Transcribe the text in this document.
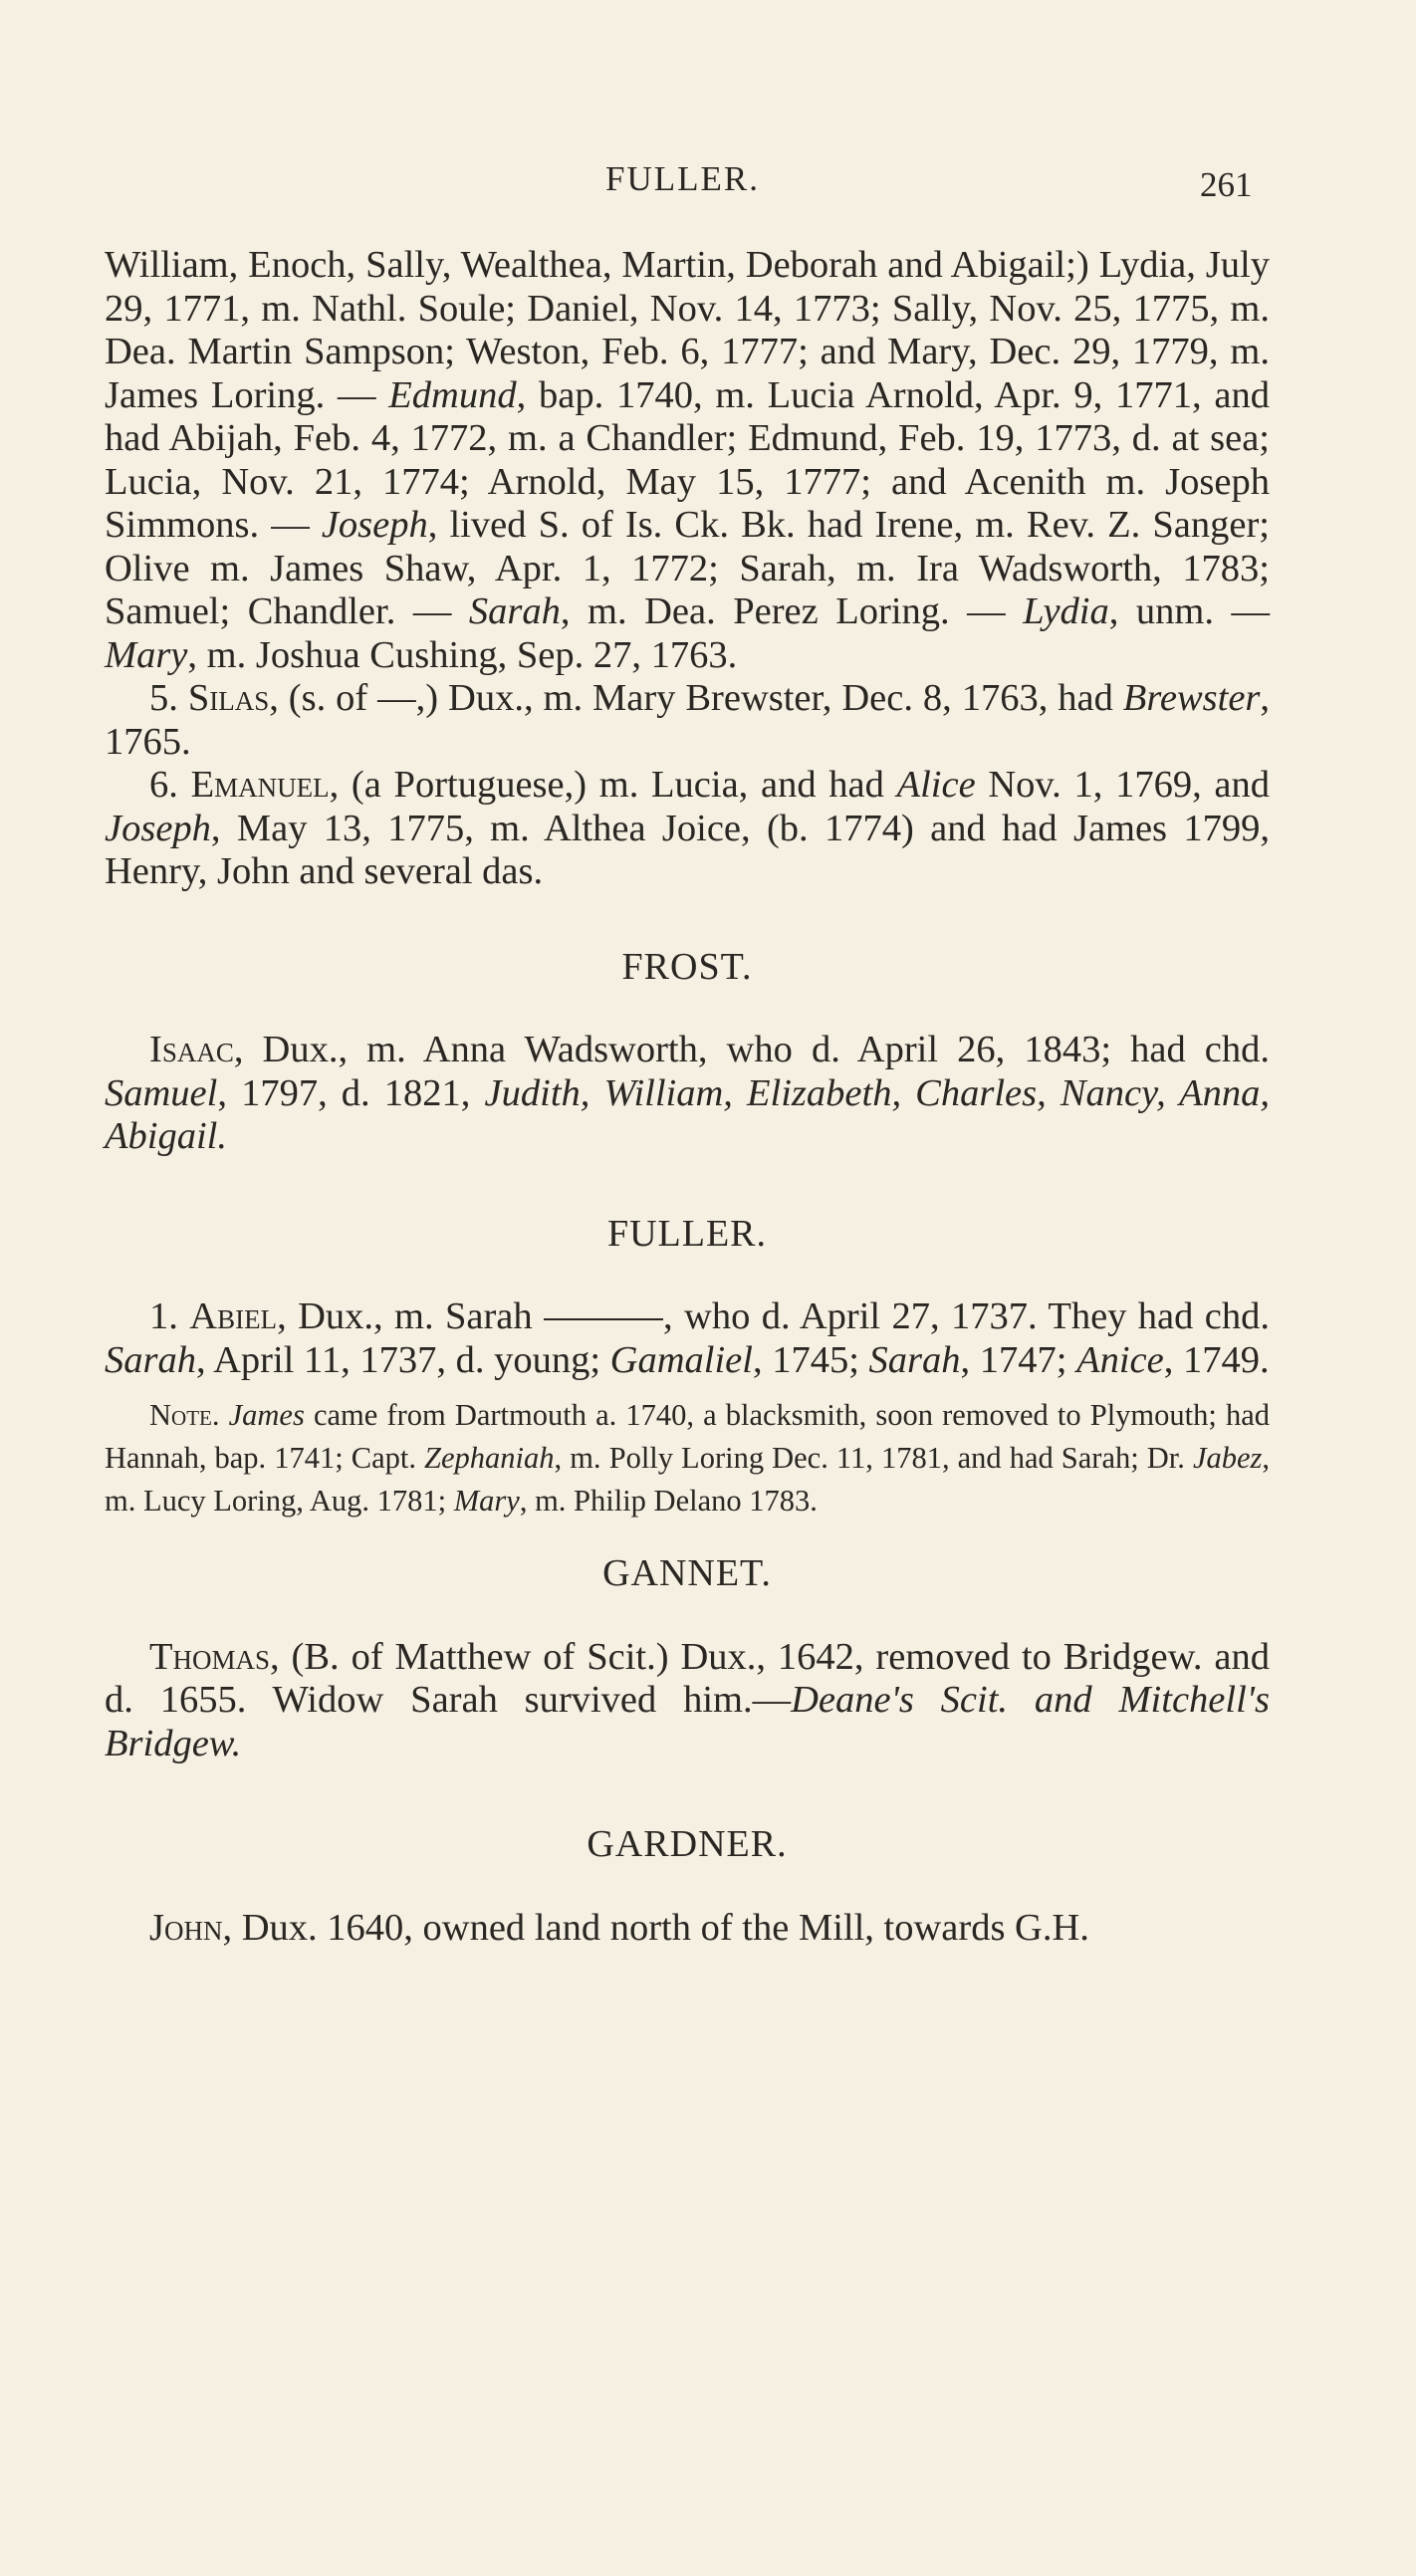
FULLER.	261

William, Enoch, Sally, Wealthea, Martin, Deborah and Abigail;) Lydia, July 29, 1771, m. Nathl. Soule; Daniel, Nov. 14, 1773; Sally, Nov. 25, 1775, m. Dea. Martin Sampson; Weston, Feb. 6, 1777; and Mary, Dec. 29, 1779, m. James Loring. — Edmund, bap. 1740, m. Lucia Arnold, Apr. 9, 1771, and had Abijah, Feb. 4, 1772, m. a Chandler; Edmund, Feb. 19, 1773, d. at sea; Lucia, Nov. 21, 1774; Arnold, May 15, 1777; and Acenith m. Joseph Simmons. — Joseph, lived S. of Is. Ck. Bk. had Irene, m. Rev. Z. Sanger; Olive m. James Shaw, Apr. 1, 1772; Sarah, m. Ira Wadsworth, 1783; Samuel; Chandler. — Sarah, m. Dea. Perez Loring. — Lydia, unm. — Mary, m. Joshua Cushing, Sep. 27, 1763.

5. Silas, (s. of —,) Dux., m. Mary Brewster, Dec. 8, 1763, had Brewster, 1765.

6. Emanuel, (a Portuguese,) m. Lucia, and had Alice Nov. 1, 1769, and Joseph, May 13, 1775, m. Althea Joice, (b. 1774) and had James 1799, Henry, John and several das.

FROST.

Isaac, Dux., m. Anna Wadsworth, who d. April 26, 1843; had chd. Samuel, 1797, d. 1821, Judith, William, Elizabeth, Charles, Nancy, Anna, Abigail.

FULLER.

1. Abiel, Dux., m. Sarah	, who d. April 27, 1737. They had chd. Sarah, April 11, 1737, d. young; Gamaliel, 1745; Sarah, 1747; Anice, 1749.

Note. James came from Dartmouth a. 1740, a blacksmith, soon removed to Plymouth; had Hannah, bap. 1741; Capt. Zephaniah, m. Polly Loring Dec. 11, 1781, and had Sarah; Dr. Jabez, m. Lucy Loring, Aug. 1781; Mary, m. Philip Delano 1783.

GANNET.

Thomas, (B. of Matthew of Scit.) Dux., 1642, removed to Bridgew. and d. 1655. Widow Sarah survived him.—Deane's Scit. and Mitchell's Bridgew.

GARDNER.

John, Dux. 1640, owned land north of the Mill, towards G.H.
